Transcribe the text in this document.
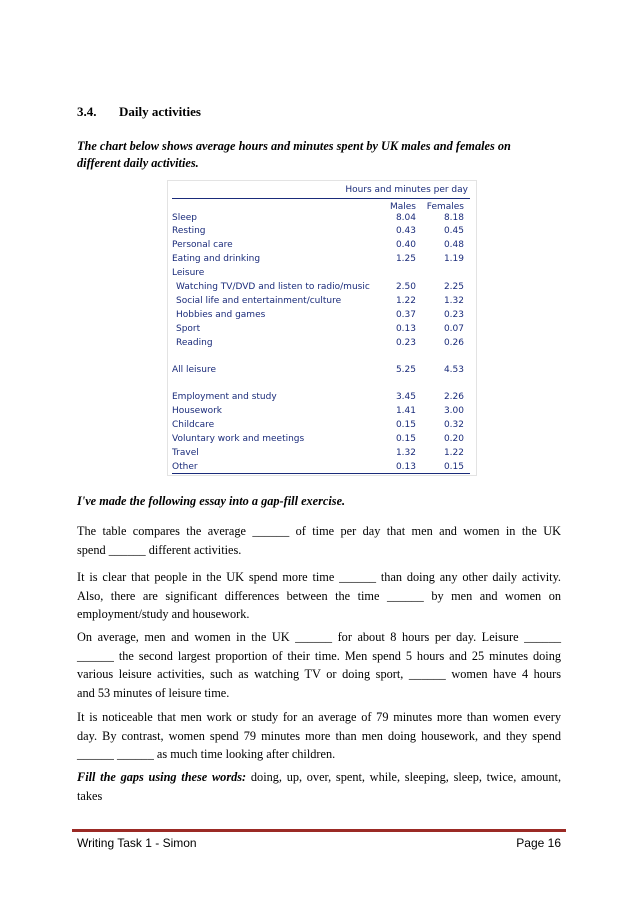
3.4. Daily activities
The chart below shows average hours and minutes spent by UK males and females on
different daily activities.
Hours and minutes per day
Males	Females
Sleep	8.04	8.18
Resting	0.43	0.45
Personal care	0.40	0.48
Eating and drinking	1.25	1.19
Leisure
Watching TV/DVD and listen to radio/music	2.50	2.25
Social life and entertainment/culture	1.22	1.32
Hobbies and games	0.37	0.23
Sport	0.13	0.07
Reading	0.23	0.26
All leisure	5.25	4.53
Employment and study	3.45	2.26
Housework	1.41	3.00
Childcare	0.15	0.32
Voluntary work and meetings	0.15	0.20
Travel	1.32	1.22
Other	0.13	0.15
I've made the following essay into a gap-fill exercise.
The table compares the average ______ of time per day that men and women in the UK
spend ______ different activities.
It is clear that people in the UK spend more time ______ than doing any other daily activity.
Also, there are significant differences between the time ______ by men and women on
employment/study and housework.
On average, men and women in the UK ______ for about 8 hours per day. Leisure ______
______ the second largest proportion of their time. Men spend 5 hours and 25 minutes doing
various leisure activities, such as watching TV or doing sport, ______ women have 4 hours
and 53 minutes of leisure time.
It is noticeable that men work or study for an average of 79 minutes more than women every
day. By contrast, women spend 79 minutes more than men doing housework, and they spend
______ ______ as much time looking after children.
Fill the gaps using these words: doing, up, over, spent, while, sleeping, sleep, twice, amount,
takes
Writing Task 1 - Simon	Page 16
